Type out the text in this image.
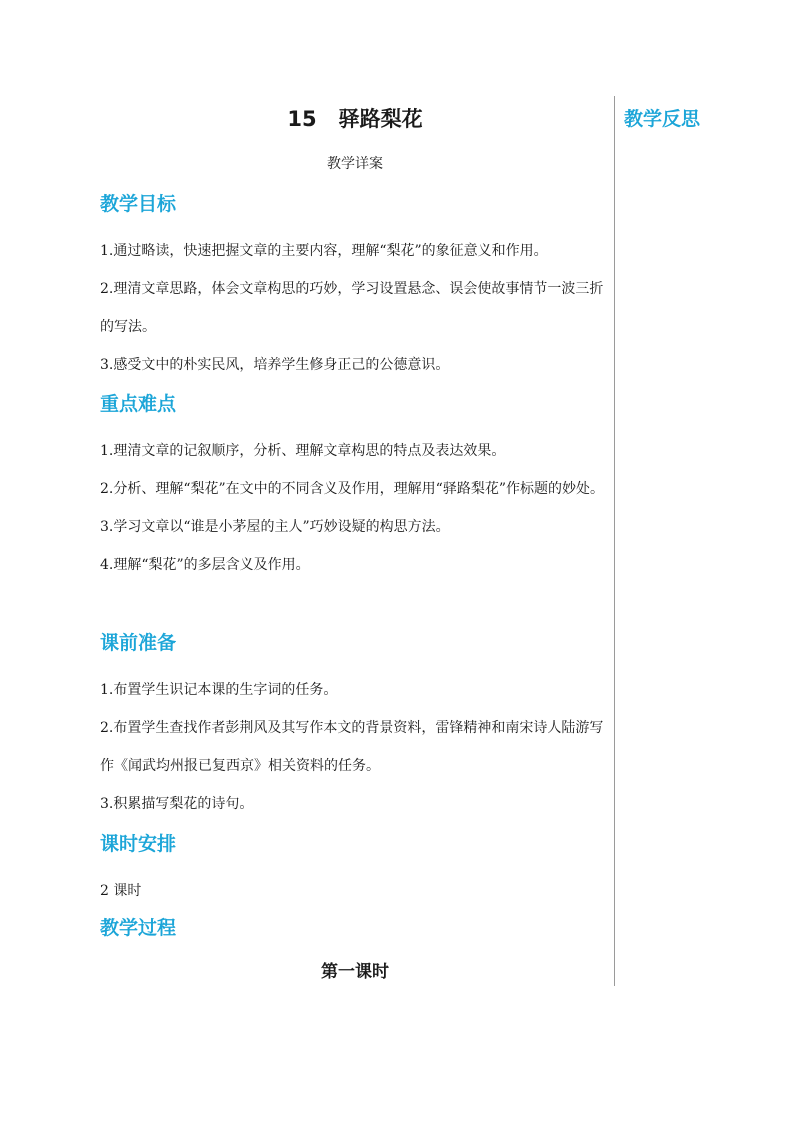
教学反思
15 驿路梨花
教学详案
教学目标

1.通过略读，快速把握文章的主要内容，理解“梨花”的象征意义和作用。

2.理清文章思路，体会文章构思的巧妙，学习设置悬念、误会使故事情节一波三折的写法。

3.感受文中的朴实民风，培养学生修身正己的公德意识。

重点难点

1.理清文章的记叙顺序，分析、理解文章构思的特点及表达效果。

2.分析、理解“梨花”在文中的不同含义及作用，理解用“驿路梨花”作标题的妙处。

3.学习文章以“谁是小茅屋的主人”巧妙设疑的构思方法。

4.理解“梨花”的多层含义及作用。

课前准备

1.布置学生识记本课的生字词的任务。

2.布置学生查找作者彭荆风及其写作本文的背景资料，雷锋精神和南宋诗人陆游写作《闻武均州报已复西京》相关资料的任务。

3.积累描写梨花的诗句。

课时安排

2 课时

教学过程
第一课时
